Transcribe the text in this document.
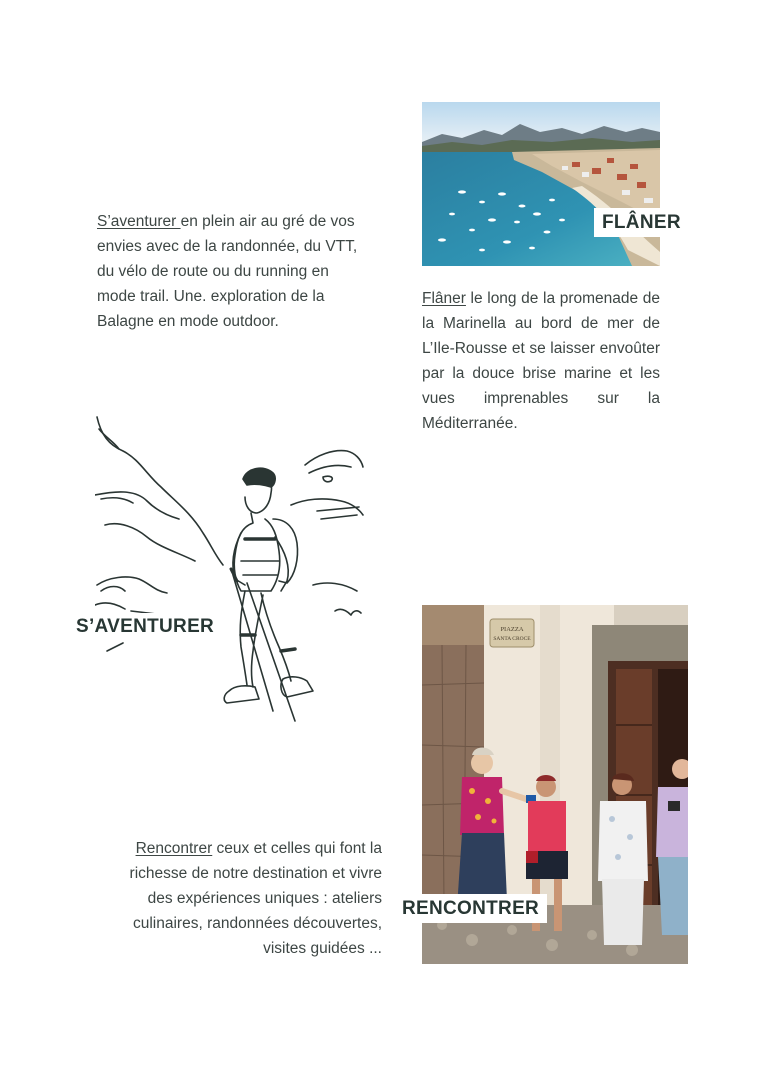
S’aventurer en plein air au gré de vos envies avec de la randonnée, du VTT, du vélo de route ou du running en mode trail. Une. exploration de la Balagne en mode outdoor.
FLÂNER
Flâner le long de la promenade de la Marinella au bord de mer de L’Ile-Rousse et se laisser envoûter par la douce brise marine et les vues imprenables sur la Méditerranée.
S’AVENTURER	PIAZZA
SANTA CROCE
RENCONTRER
Rencontrer ceux et celles qui font la richesse de notre destination et vivre des expériences uniques : ateliers culinaires, randonnées découvertes, visites guidées ...
